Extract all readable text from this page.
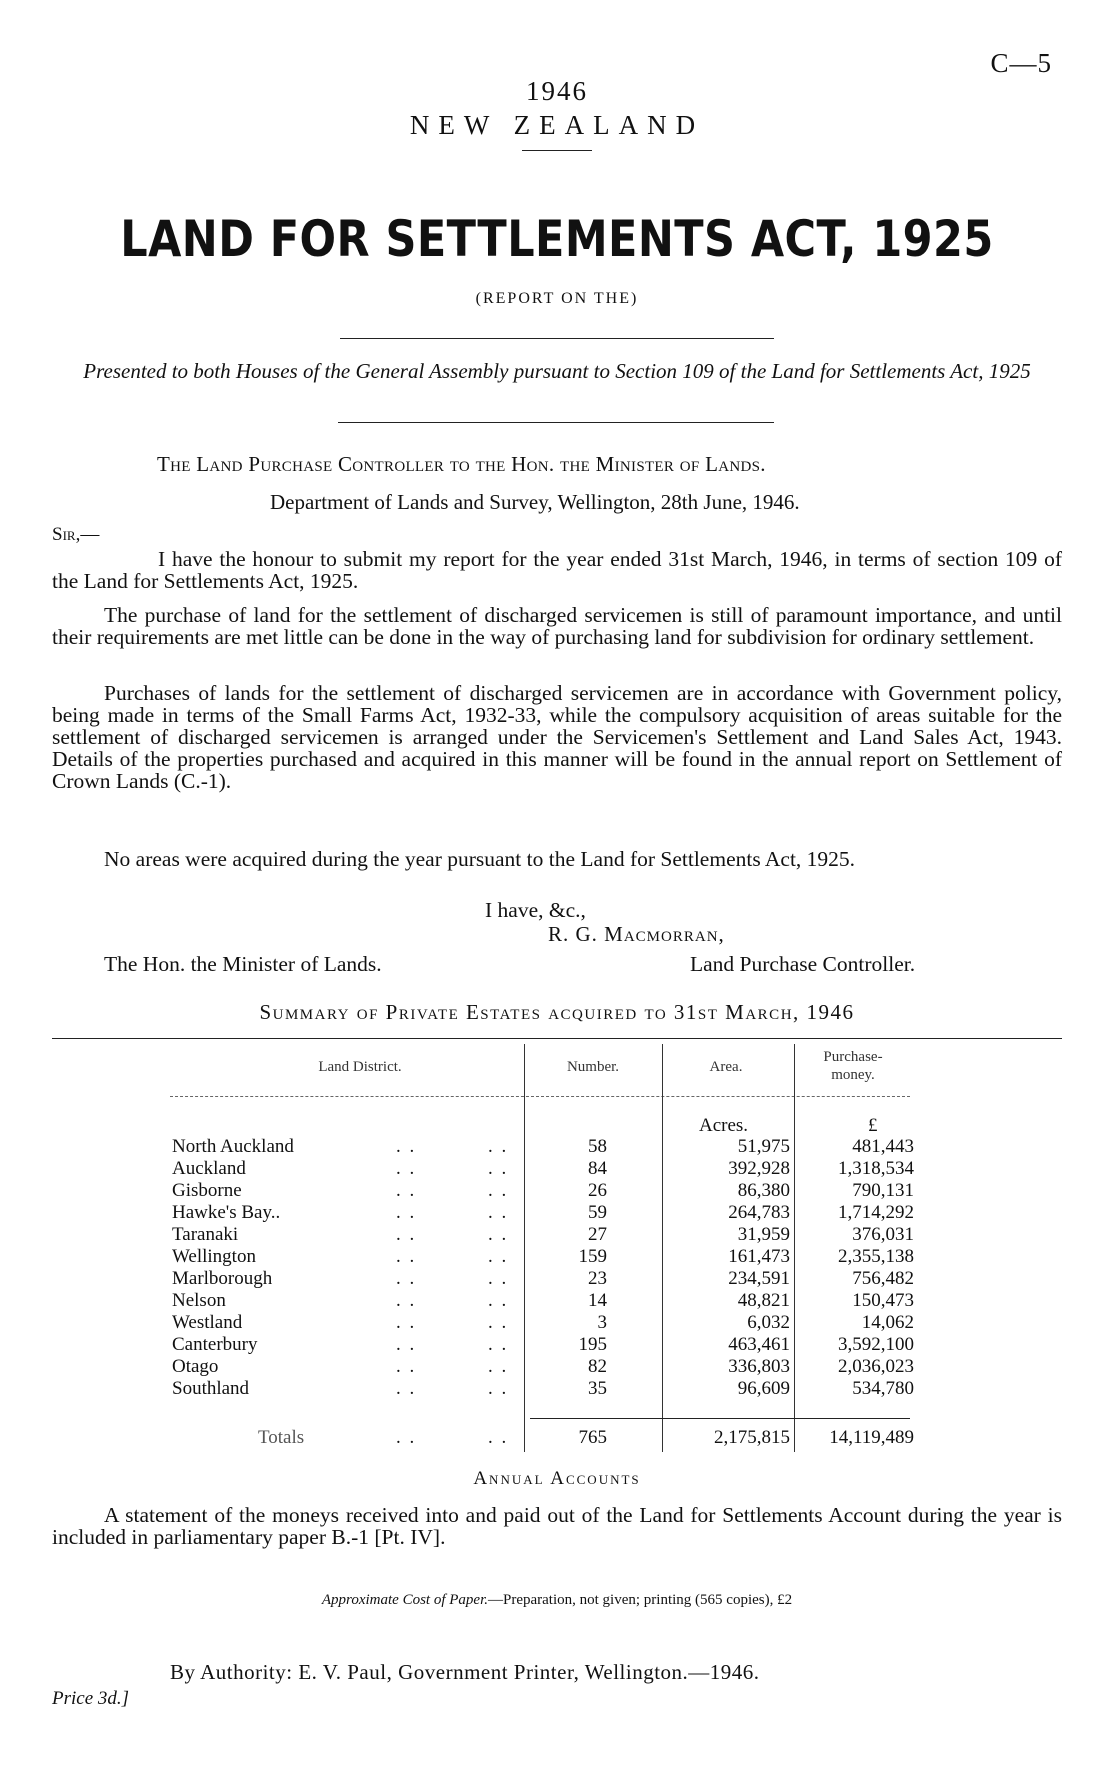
C—5
1946
NEW ZEALAND
LAND FOR SETTLEMENTS ACT, 1925
(REPORT ON THE)
Presented to both Houses of the General Assembly pursuant to Section 109 of the Land for Settlements Act, 1925
The Land Purchase Controller to the Hon. the Minister of Lands.
Department of Lands and Survey, Wellington, 28th June, 1946.
Sir,—
I have the honour to submit my report for the year ended 31st March, 1946, in terms of section 109 of the Land for Settlements Act, 1925.
The purchase of land for the settlement of discharged servicemen is still of paramount importance, and until their requirements are met little can be done in the way of purchasing land for subdivision for ordinary settlement.
Purchases of lands for the settlement of discharged servicemen are in accordance with Government policy, being made in terms of the Small Farms Act, 1932-33, while the compulsory acquisition of areas suitable for the settlement of discharged servicemen is arranged under the Servicemen's Settlement and Land Sales Act, 1943. Details of the properties purchased and acquired in this manner will be found in the annual report on Settlement of Crown Lands (C.-1).
No areas were acquired during the year pursuant to the Land for Settlements Act, 1925.
I have, &c.,
R. G. Macmorran,
The Hon. the Minister of Lands.	Land Purchase Controller.
Summary of Private Estates acquired to 31st March, 1946
Land District.	Number.	Area.
Purchase-money.
Acres.	£
North Auckland	. .	. .	58	51,975	481,443
Auckland	. .	. .	84	392,928	1,318,534
Gisborne	. .	. .	26	86,380	790,131
Hawke's Bay..	. .	. .	59	264,783	1,714,292
Taranaki	. .	. .	27	31,959	376,031
Wellington	. .	. .	159	161,473	2,355,138
Marlborough	. .	. .	23	234,591	756,482
Nelson	. .	. .	14	48,821	150,473
Westland	. .	. .	3	6,032	14,062
Canterbury	. .	. .	195	463,461	3,592,100
Otago	. .	. .	82	336,803	2,036,023
Southland	. .	. .	35	96,609	534,780
Totals	. .	. .	765	2,175,815 14,119,489
Annual Accounts
A statement of the moneys received into and paid out of the Land for Settlements Account during the year is included in parliamentary paper B.-1 [Pt. IV].
Approximate Cost of Paper.—Preparation, not given; printing (565 copies), £2
By Authority: E. V. Paul, Government Printer, Wellington.—1946.
Price 3d.]
